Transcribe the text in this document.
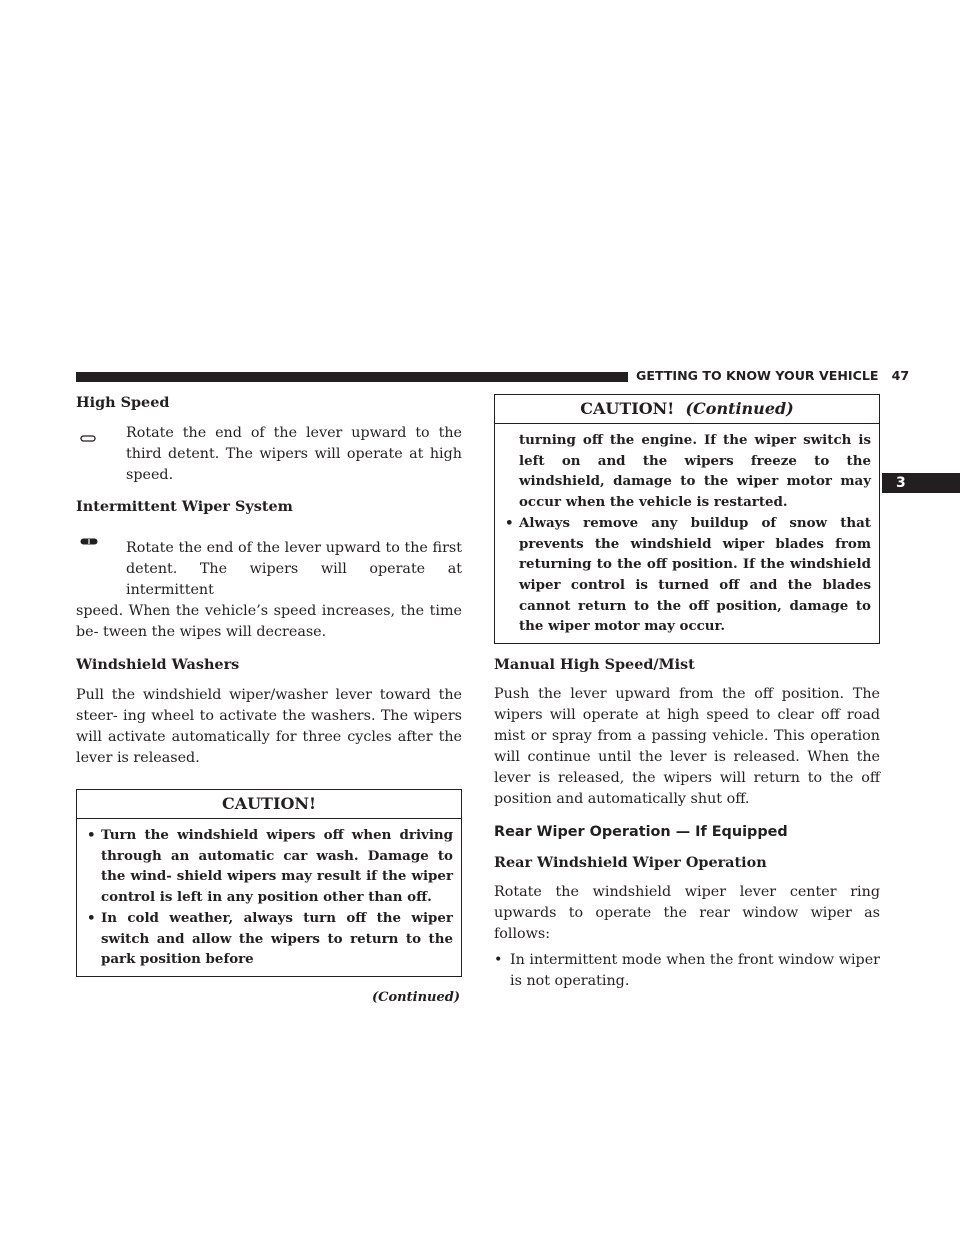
GETTING TO KNOW YOUR VEHICLE 47
3

High Speed

Rotate the end of the lever upward to the third detent. The wipers will operate at high speed.

Intermittent Wiper System

Rotate the end of the lever upward to the first detent. The wipers will operate at intermittent

speed. When the vehicle’s speed increases, the time be- tween the wipes will decrease.

Windshield Washers

Pull the windshield wiper/washer lever toward the steer- ing wheel to activate the washers. The wipers will activate automatically for three cycles after the lever is released.

CAUTION!
• Turn the windshield wipers off when driving through an automatic car wash. Damage to the wind- shield wipers may result if the wiper control is left in any position other than off.
• In cold weather, always turn off the wiper switch and allow the wipers to return to the park position before
(Continued)
CAUTION! (Continued)

turning off the engine. If the wiper switch is left on and the wipers freeze to the windshield, damage to the wiper motor may occur when the vehicle is restarted.

• Always remove any buildup of snow that prevents the windshield wiper blades from returning to the off position. If the windshield wiper control is turned off and the blades cannot return to the off position, damage to the wiper motor may occur.

Manual High Speed/Mist

Push the lever upward from the off position. The wipers will operate at high speed to clear off road mist or spray from a passing vehicle. This operation will continue until the lever is released. When the lever is released, the wipers will return to the off position and automatically shut off.

Rear Wiper Operation — If Equipped

Rear Windshield Wiper Operation

Rotate the windshield wiper lever center ring upwards to operate the rear window wiper as follows:

• In intermittent mode when the front window wiper is not operating.
